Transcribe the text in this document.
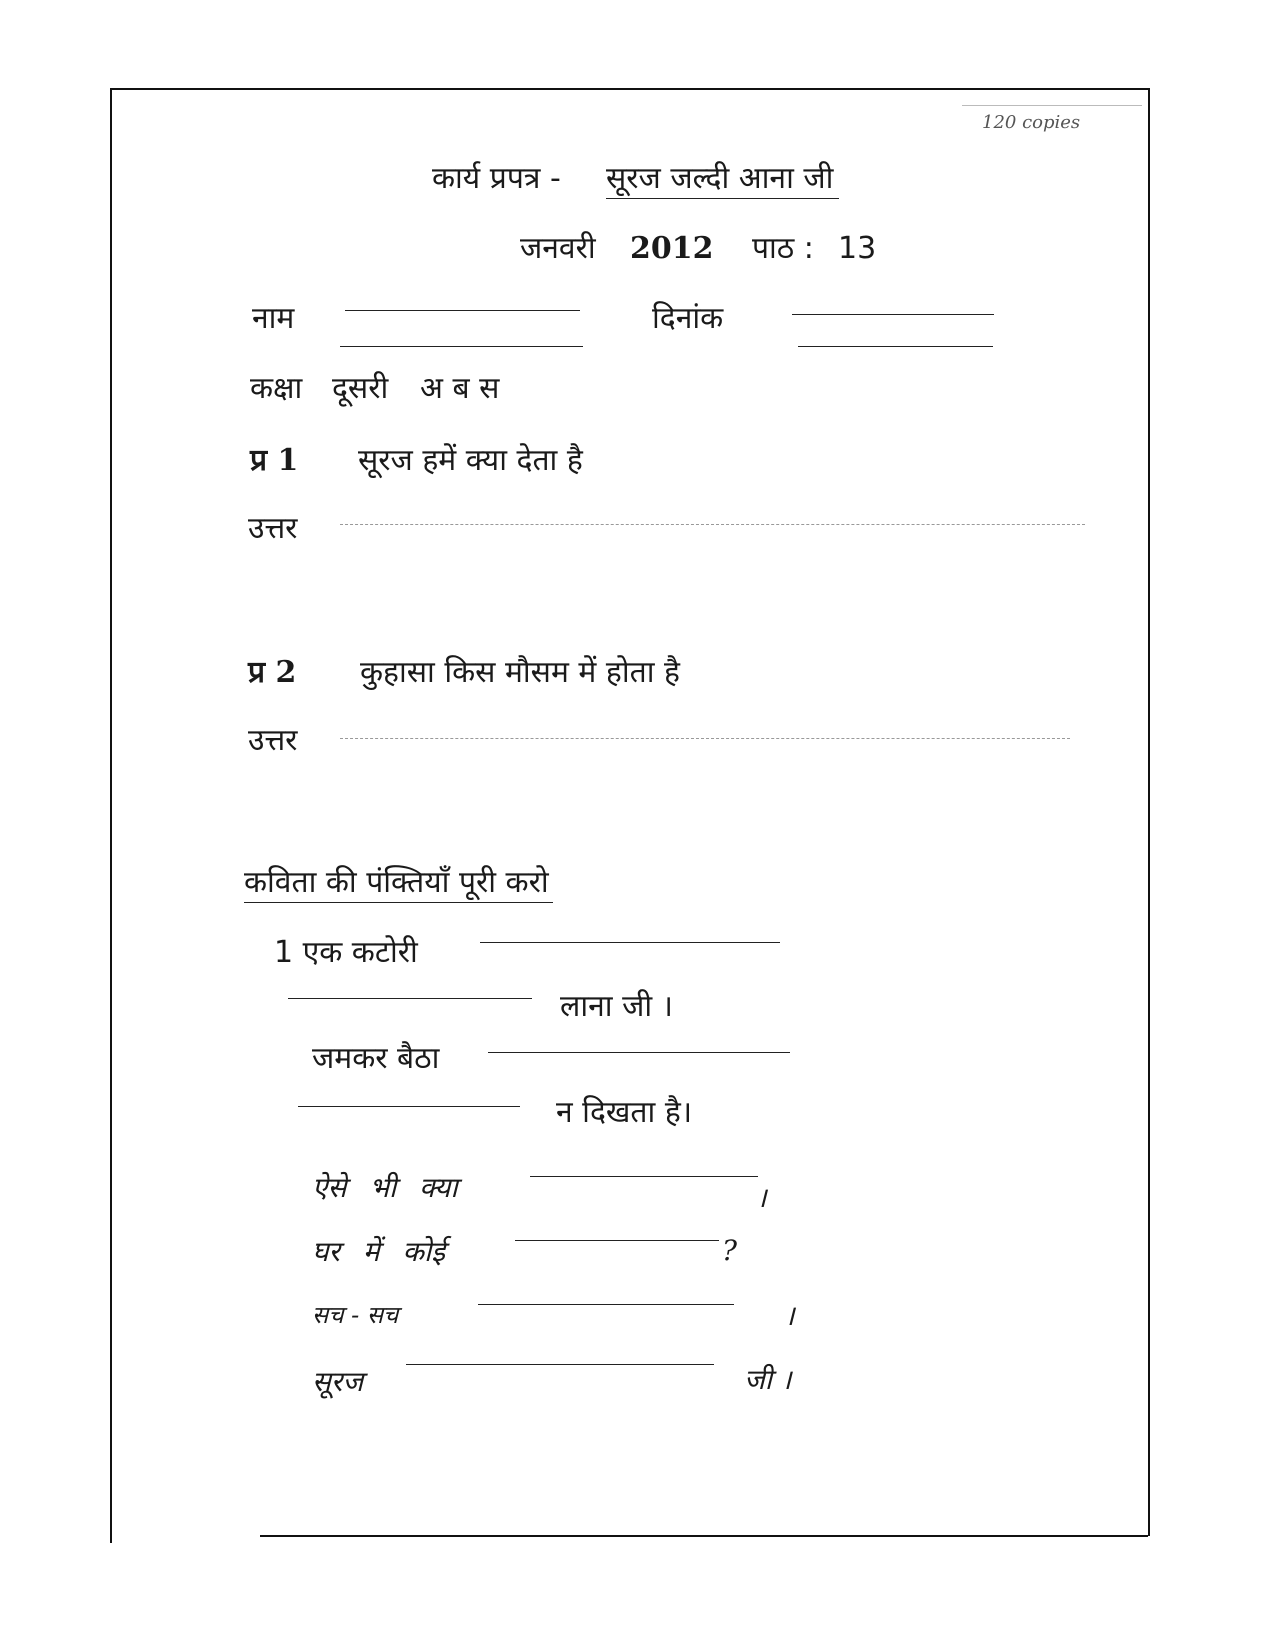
120 copies
कार्य प्रपत्र - सूरज जल्दी आना जी
जनवरी 2012 पाठ : 13
नाम	दिनांक
कक्षा दूसरी अ ब स
प्र 1 सूरज हमें क्या देता है
उत्तर
प्र 2 कुहासा किस मौसम में होता है
उत्तर
कविता की पंक्तियाँ पूरी करो
1 एक कटोरी
लाना जी ।
जमकर बैठा
न दिखता है।
ऐसे भी क्या	।
घर में कोई	?
सच - सच	।
सूरज	जी ।
